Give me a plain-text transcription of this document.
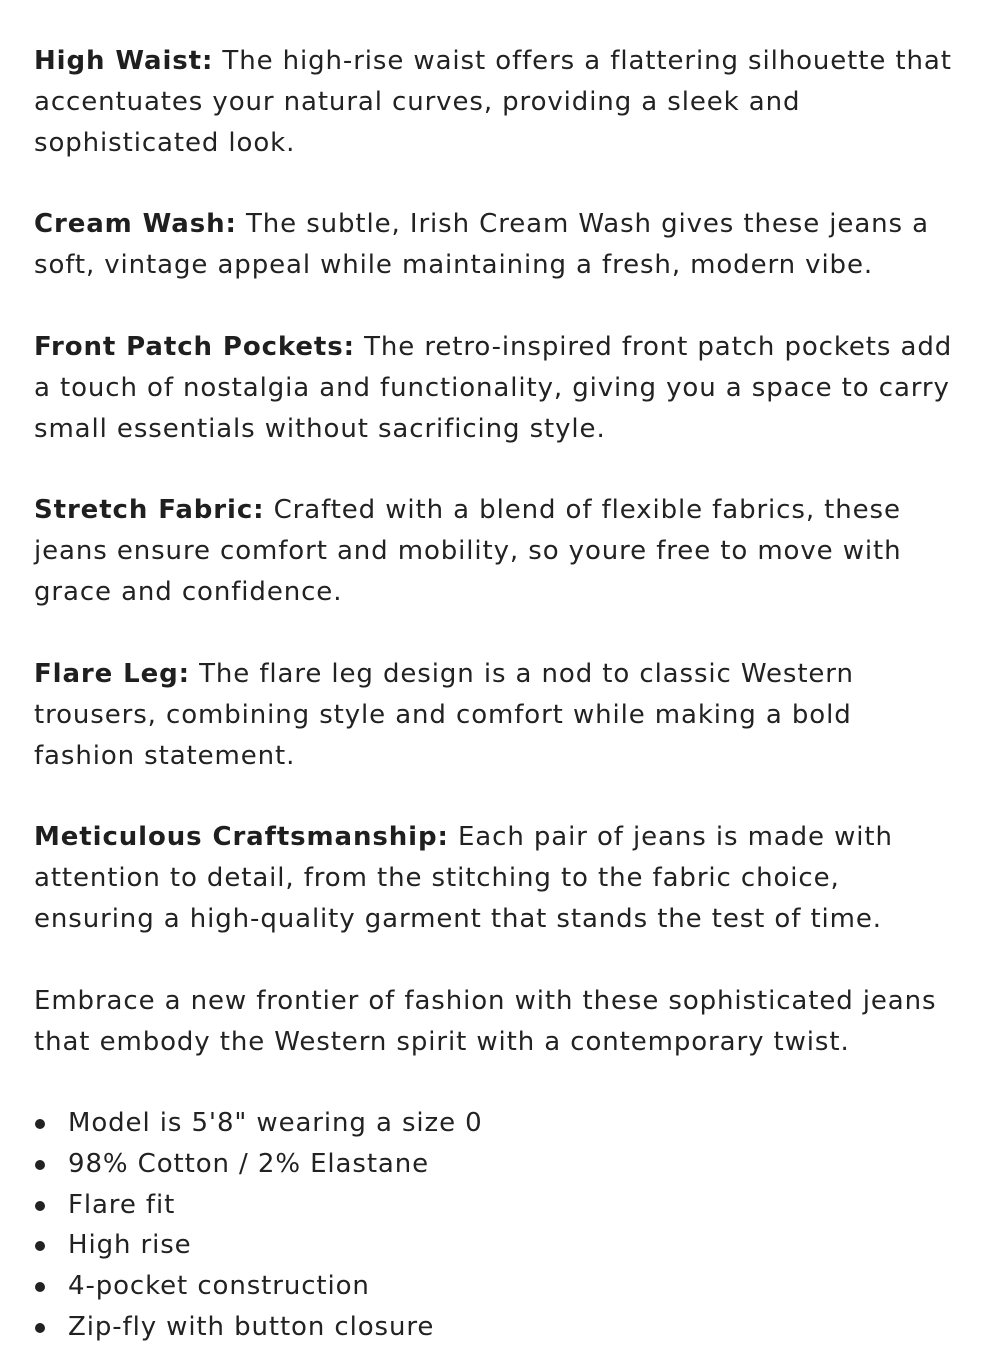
High Waist: The high-rise waist offers a flattering silhouette that accentuates your natural curves, providing a sleek and sophisticated look.

Cream Wash: The subtle, Irish Cream Wash gives these jeans a soft, vintage appeal while maintaining a fresh, modern vibe.

Front Patch Pockets: The retro-inspired front patch pockets add a touch of nostalgia and functionality, giving you a space to carry small essentials without sacrificing style.

Stretch Fabric: Crafted with a blend of flexible fabrics, these jeans ensure comfort and mobility, so youre free to move with grace and confidence.

Flare Leg: The flare leg design is a nod to classic Western trousers, combining style and comfort while making a bold fashion statement.

Meticulous Craftsmanship: Each pair of jeans is made with attention to detail, from the stitching to the fabric choice, ensuring a high-quality garment that stands the test of time.

Embrace a new frontier of fashion with these sophisticated jeans that embody the Western spirit with a contemporary twist.

Model is 5'8" wearing a size 0
98% Cotton / 2% Elastane
Flare fit
High rise
4-pocket construction
Zip-fly with button closure
